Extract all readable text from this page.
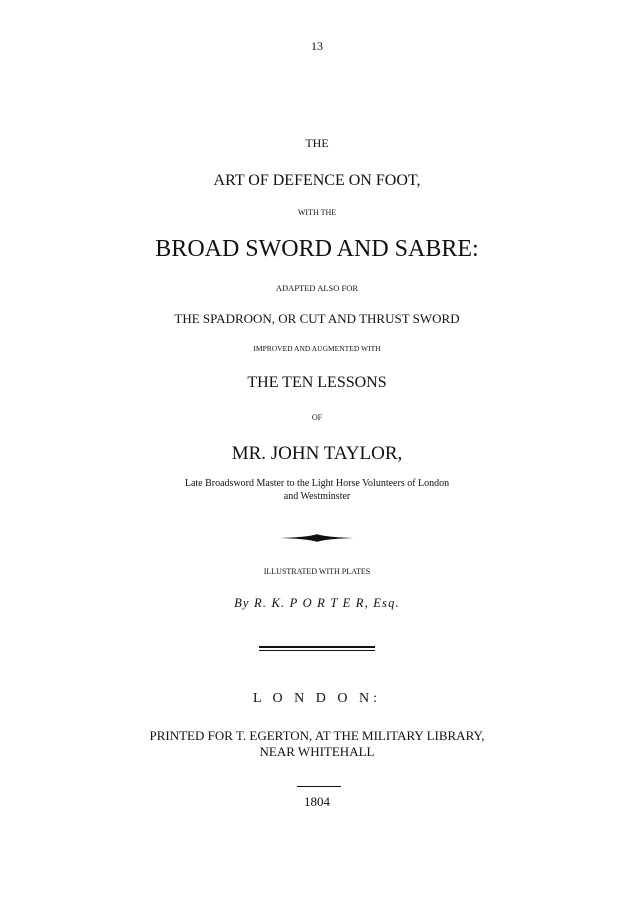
13
THE
ART OF DEFENCE ON FOOT,
WITH THE
BROAD SWORD AND SABRE:
ADAPTED ALSO FOR
THE SPADROON, OR CUT AND THRUST SWORD
IMPROVED AND AUGMENTED WITH
THE TEN LESSONS
OF
MR. JOHN TAYLOR,
Late Broadsword Master to the Light Horse Volunteers of London
and Westminster
ILLUSTRATED WITH PLATES
By R. K. P O R T E R, Esq.
L O N D O N:
PRINTED FOR T. EGERTON, AT THE MILITARY LIBRARY,
NEAR WHITEHALL
1804
